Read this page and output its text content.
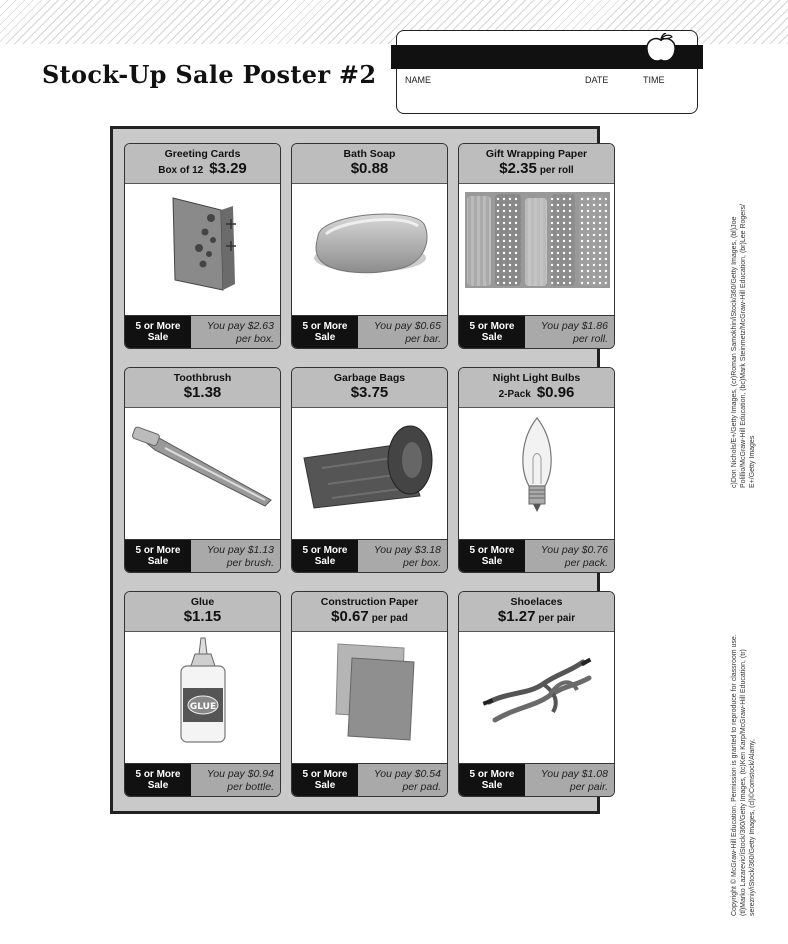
Stock-Up Sale Poster #2	NAME	DATE	TIME
Greeting Cards
Box of 12 $3.29
5 or More
Sale
You pay $2.63
per box.
Bath Soap
$0.88
5 or More
Sale
You pay $0.65
per bar.
Gift Wrapping Paper
$2.35 per roll
5 or More
Sale
You pay $1.86
per roll.
Toothbrush
$1.38
5 or More
Sale
You pay $1.13
per brush.
Garbage Bags
$3.75
5 or More
Sale
You pay $3.18
per box.
Night Light Bulbs
2-Pack $0.96
5 or More
Sale
You pay $0.76
per pack.
Glue
$1.15
GLUE
5 or More
Sale
You pay $0.94
per bottle.
Construction Paper
$0.67 per pad
5 or More
Sale
You pay $0.54
per pad.
Shoelaces
$1.27 per pair
5 or More
Sale
You pay $1.08
per pair.
c)Don Nichols/E+/Getty Images, (cr)Roman Samokhin/iStock/360/Getty Images, (bl)Joe Polillio/McGraw-Hill Education, (bc)Mark Steinmetz/McGraw-Hill Education, (br)Lee Rogers/ E+/Getty Images
Copyright © McGraw-Hill Education. Permission is granted to reproduce for classroom use. (tl)Marko Lazarevic/iStock/360/Getty Images, (tc)Ken Karp/McGraw-Hill Education, (tr) serezniy/iStock/360/Getty Images, (cl)©Comstock/Alamy,
